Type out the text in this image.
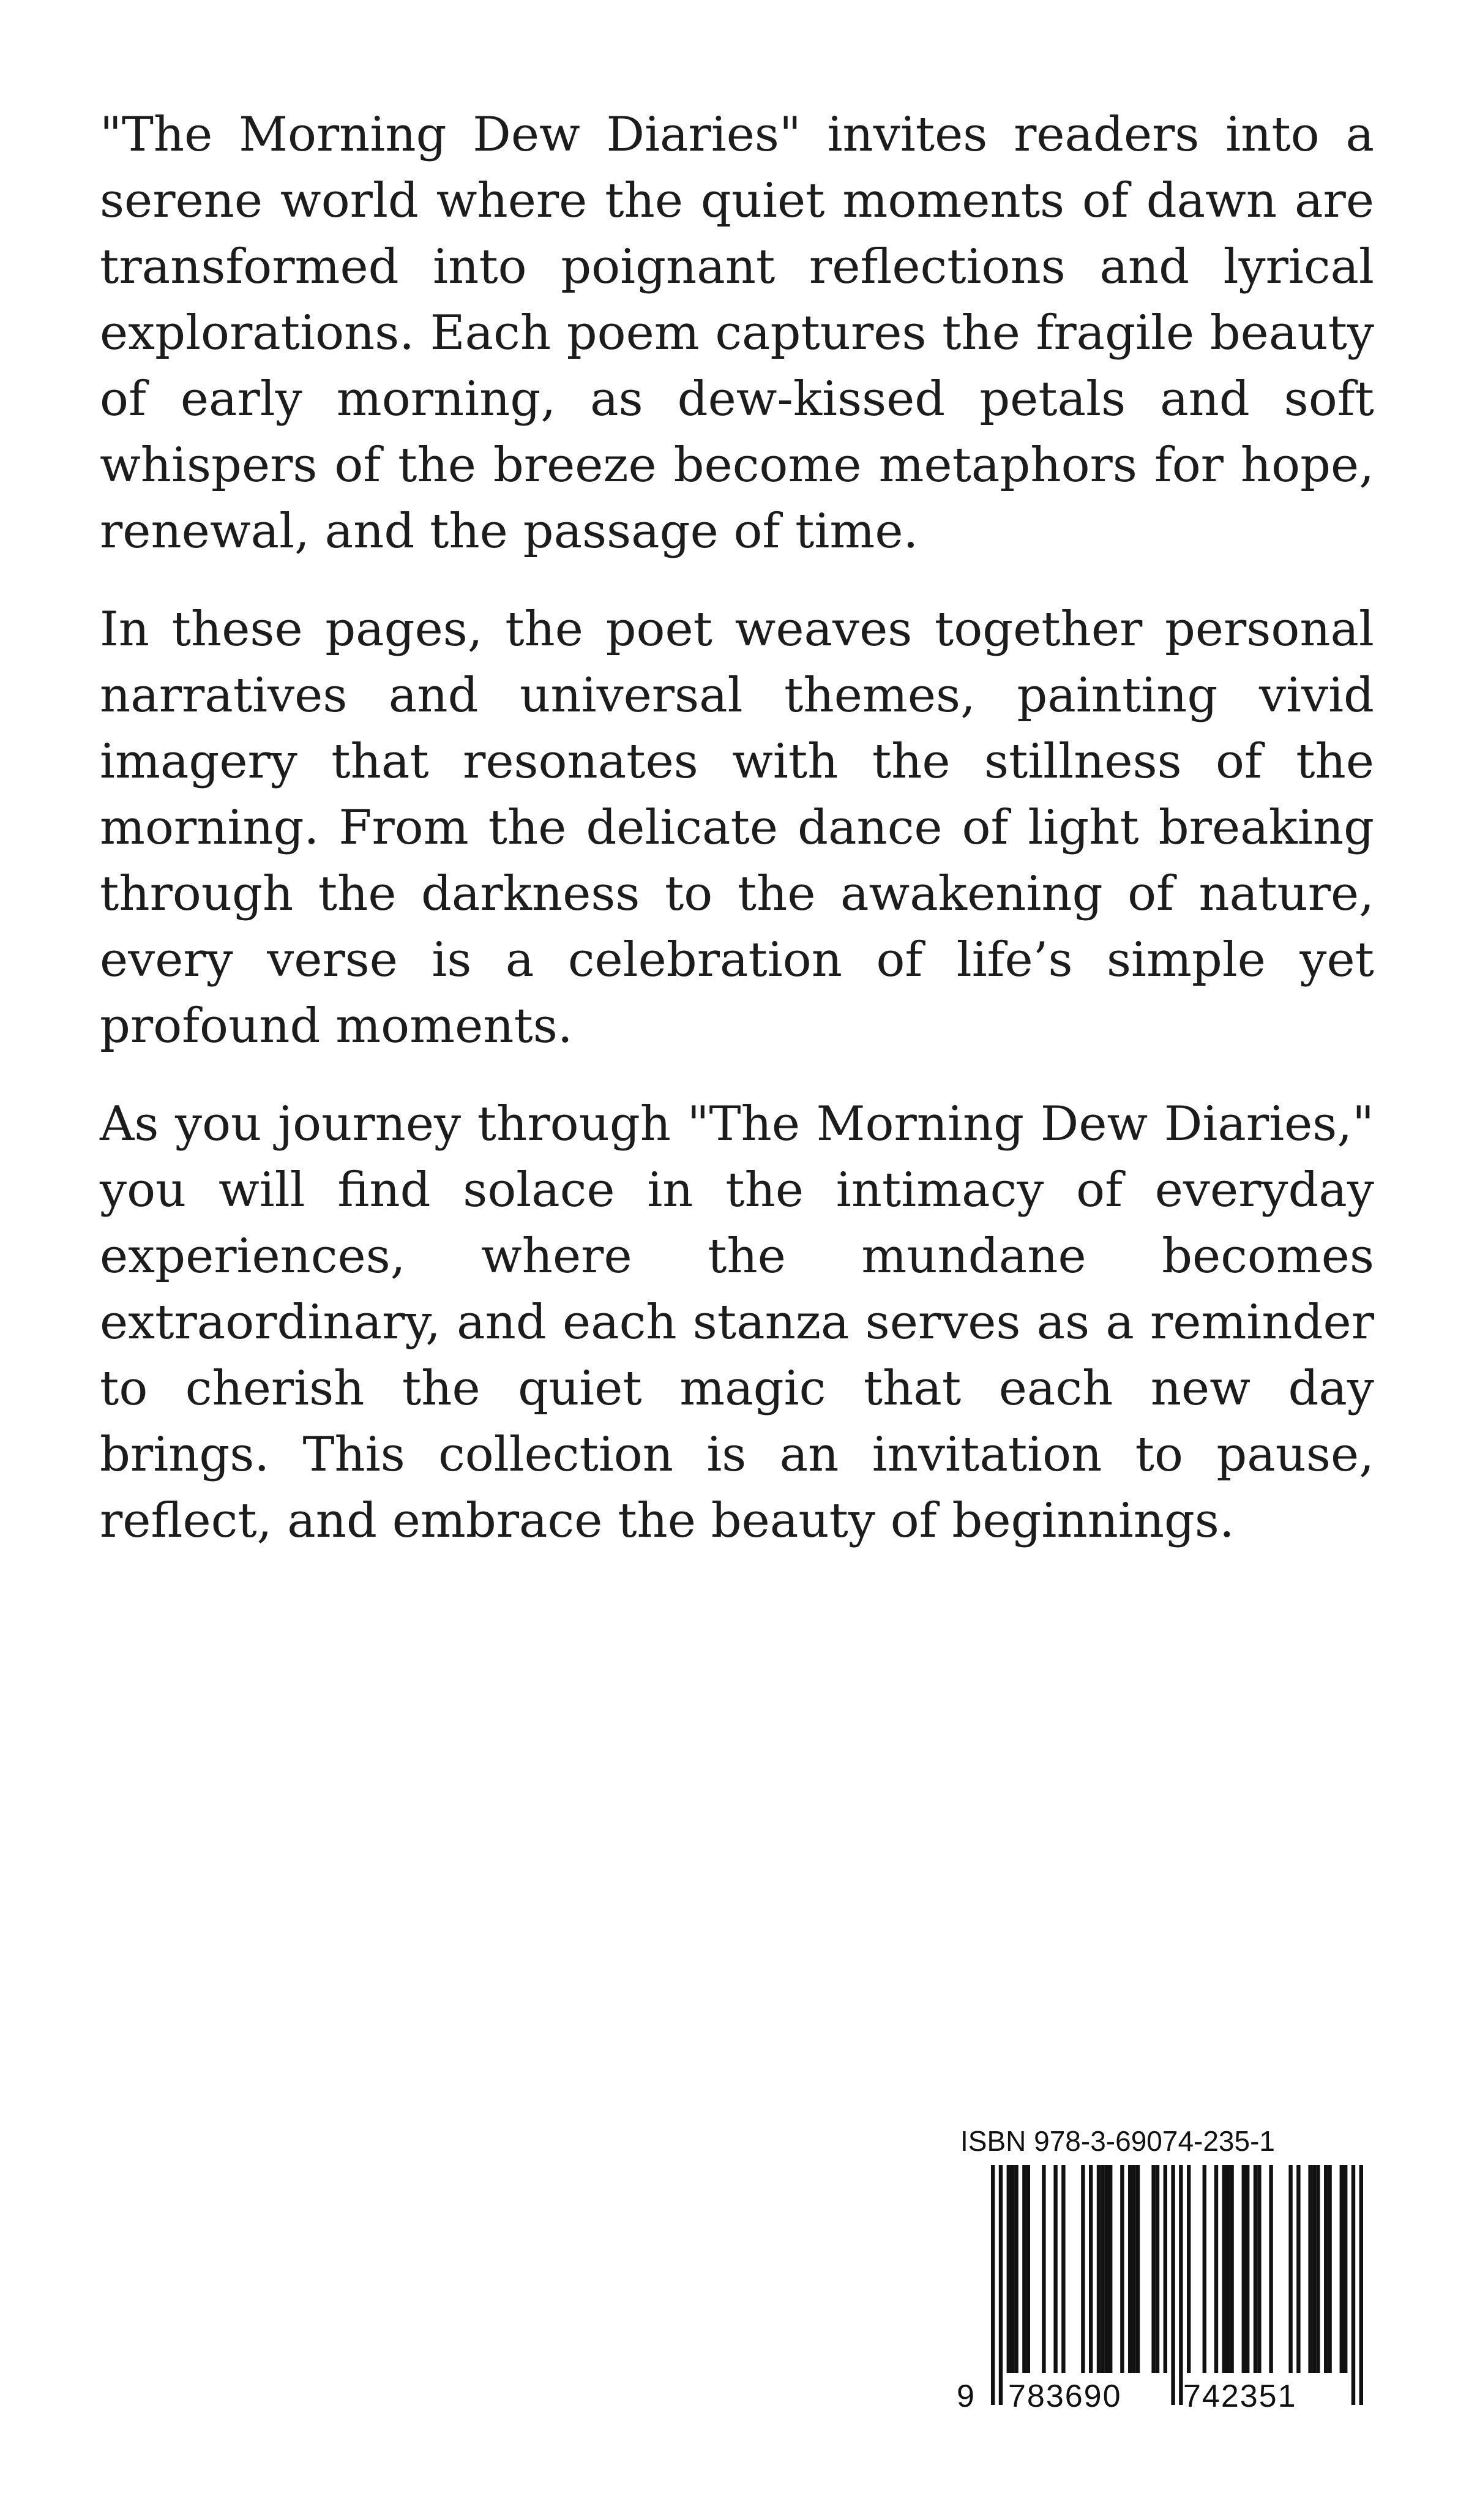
"The Morning Dew Diaries" invites readers into a serene world where the quiet moments of dawn are transformed into poignant reflections and lyrical explorations. Each poem captures the fragile beauty of early morning, as dew-kissed petals and soft whispers of the breeze become metaphors for hope, renewal, and the passage of time.

In these pages, the poet weaves together personal narratives and universal themes, painting vivid imagery that resonates with the stillness of the morning. From the delicate dance of light breaking through the darkness to the awakening of nature, every verse is a celebration of life’s simple yet profound moments.

As you journey through "The Morning Dew Diaries," you will find solace in the intimacy of everyday experiences, where the mundane becomes extraordinary, and each stanza serves as a reminder to cherish the quiet magic that each new day brings. This collection is an invitation to pause, reflect, and embrace the beauty of beginnings.

ISBN 978-3-69074-235-1
9 783690 742351
